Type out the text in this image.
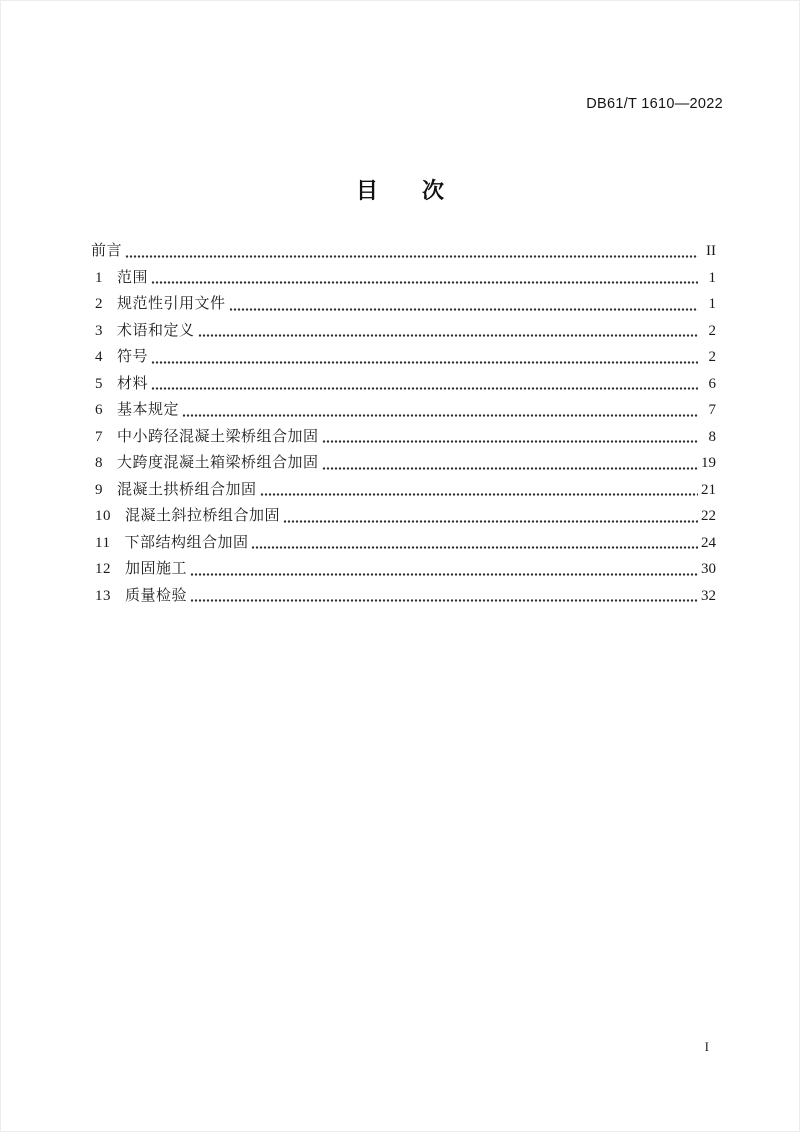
DB61/T 1610—2022
目　　次
前言	II
1 范围	1
2 规范性引用文件	1
3 术语和定义	2
4 符号	2
5 材料	6
6 基本规定	7
7 中小跨径混凝土梁桥组合加固	8
8 大跨度混凝土箱梁桥组合加固	19
9 混凝土拱桥组合加固	21
10 混凝土斜拉桥组合加固	22
11 下部结构组合加固	24
12 加固施工	30
13 质量检验	32
I
